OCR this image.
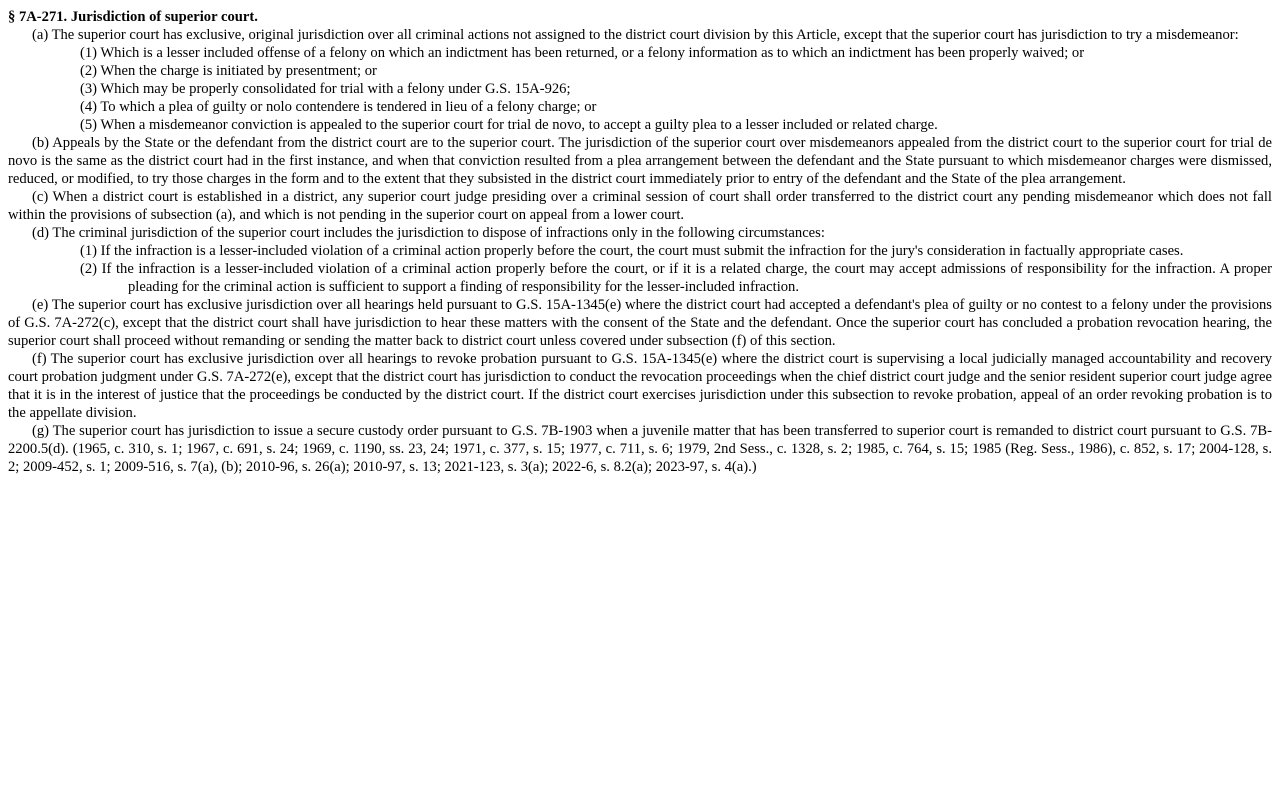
§ 7A-271. Jurisdiction of superior court.

(a) The superior court has exclusive, original jurisdiction over all criminal actions not assigned to the district court division by this Article, except that the superior court has jurisdiction to try a misdemeanor:

(1) Which is a lesser included offense of a felony on which an indictment has been returned, or a felony information as to which an indictment has been properly waived; or

(2) When the charge is initiated by presentment; or

(3) Which may be properly consolidated for trial with a felony under G.S. 15A-926;

(4) To which a plea of guilty or nolo contendere is tendered in lieu of a felony charge; or

(5) When a misdemeanor conviction is appealed to the superior court for trial de novo, to accept a guilty plea to a lesser included or related charge.

(b) Appeals by the State or the defendant from the district court are to the superior court. The jurisdiction of the superior court over misdemeanors appealed from the district court to the superior court for trial de novo is the same as the district court had in the first instance, and when that conviction resulted from a plea arrangement between the defendant and the State pursuant to which misdemeanor charges were dismissed, reduced, or modified, to try those charges in the form and to the extent that they subsisted in the district court immediately prior to entry of the defendant and the State of the plea arrangement.

(c) When a district court is established in a district, any superior court judge presiding over a criminal session of court shall order transferred to the district court any pending misdemeanor which does not fall within the provisions of subsection (a), and which is not pending in the superior court on appeal from a lower court.

(d) The criminal jurisdiction of the superior court includes the jurisdiction to dispose of infractions only in the following circumstances:

(1) If the infraction is a lesser-included violation of a criminal action properly before the court, the court must submit the infraction for the jury's consideration in factually appropriate cases.

(2) If the infraction is a lesser-included violation of a criminal action properly before the court, or if it is a related charge, the court may accept admissions of responsibility for the infraction. A proper pleading for the criminal action is sufficient to support a finding of responsibility for the lesser-included infraction.

(e) The superior court has exclusive jurisdiction over all hearings held pursuant to G.S. 15A-1345(e) where the district court had accepted a defendant's plea of guilty or no contest to a felony under the provisions of G.S. 7A-272(c), except that the district court shall have jurisdiction to hear these matters with the consent of the State and the defendant. Once the superior court has concluded a probation revocation hearing, the superior court shall proceed without remanding or sending the matter back to district court unless covered under subsection (f) of this section.

(f) The superior court has exclusive jurisdiction over all hearings to revoke probation pursuant to G.S. 15A-1345(e) where the district court is supervising a local judicially managed accountability and recovery court probation judgment under G.S. 7A-272(e), except that the district court has jurisdiction to conduct the revocation proceedings when the chief district court judge and the senior resident superior court judge agree that it is in the interest of justice that the proceedings be conducted by the district court. If the district court exercises jurisdiction under this subsection to revoke probation, appeal of an order revoking probation is to the appellate division.

(g) The superior court has jurisdiction to issue a secure custody order pursuant to G.S. 7B-1903 when a juvenile matter that has been transferred to superior court is remanded to district court pursuant to G.S. 7B-2200.5(d). (1965, c. 310, s. 1; 1967, c. 691, s. 24; 1969, c. 1190, ss. 23, 24; 1971, c. 377, s. 15; 1977, c. 711, s. 6; 1979, 2nd Sess., c. 1328, s. 2; 1985, c. 764, s. 15; 1985 (Reg. Sess., 1986), c. 852, s. 17; 2004-128, s. 2; 2009-452, s. 1; 2009-516, s. 7(a), (b); 2010-96, s. 26(a); 2010-97, s. 13; 2021-123, s. 3(a); 2022-6, s. 8.2(a); 2023-97, s. 4(a).)
